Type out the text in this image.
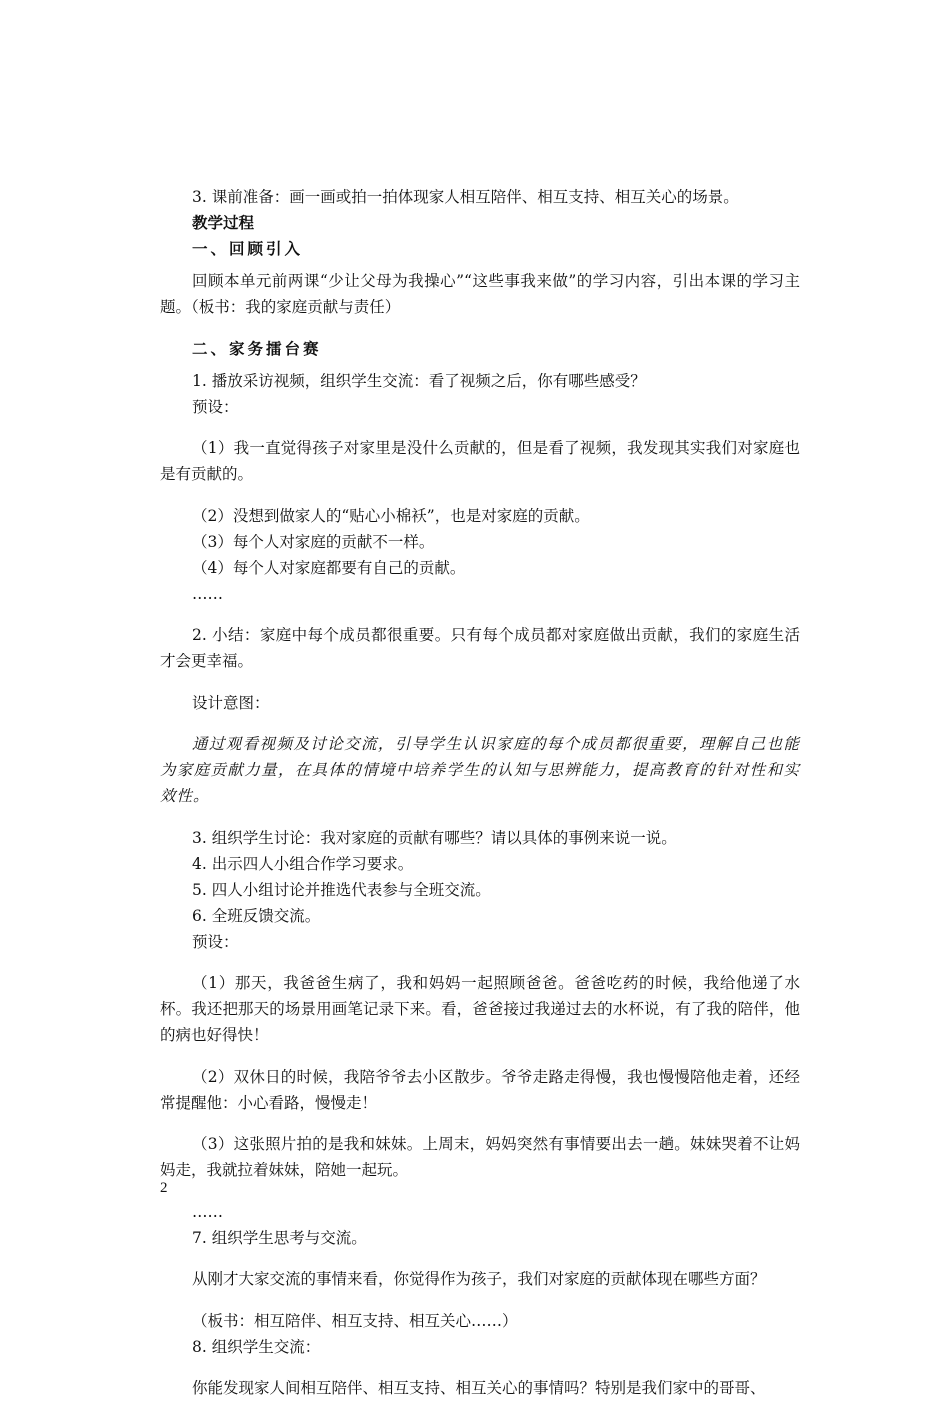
3. 课前准备：画一画或拍一拍体现家人相互陪伴、相互支持、相互关心的场景。

教学过程

一、回顾引入

回顾本单元前两课“少让父母为我操心”“这些事我来做”的学习内容，引出本课的学习主题。（板书：我的家庭贡献与责任）

二、家务擂台赛

1. 播放采访视频，组织学生交流：看了视频之后，你有哪些感受？

预设：

（1）我一直觉得孩子对家里是没什么贡献的，但是看了视频，我发现其实我们对家庭也是有贡献的。

（2）没想到做家人的“贴心小棉袄”，也是对家庭的贡献。

（3）每个人对家庭的贡献不一样。

（4）每个人对家庭都要有自己的贡献。

……

2. 小结：家庭中每个成员都很重要。只有每个成员都对家庭做出贡献，我们的家庭生活才会更幸福。

设计意图：

通过观看视频及讨论交流，引导学生认识家庭的每个成员都很重要，理解自己也能为家庭贡献力量，在具体的情境中培养学生的认知与思辨能力，提高教育的针对性和实效性。

3. 组织学生讨论：我对家庭的贡献有哪些？请以具体的事例来说一说。

4. 出示四人小组合作学习要求。

5. 四人小组讨论并推选代表参与全班交流。

6. 全班反馈交流。

预设：

（1）那天，我爸爸生病了，我和妈妈一起照顾爸爸。爸爸吃药的时候，我给他递了水杯。我还把那天的场景用画笔记录下来。看，爸爸接过我递过去的水杯说，有了我的陪伴，他的病也好得快！

（2）双休日的时候，我陪爷爷去小区散步。爷爷走路走得慢，我也慢慢陪他走着，还经常提醒他：小心看路，慢慢走！

（3）这张照片拍的是我和妹妹。上周末，妈妈突然有事情要出去一趟。妹妹哭着不让妈妈走，我就拉着妹妹，陪她一起玩。

……

7. 组织学生思考与交流。

从刚才大家交流的事情来看，你觉得作为孩子，我们对家庭的贡献体现在哪些方面？

（板书：相互陪伴、相互支持、相互关心……）

8. 组织学生交流：

你能发现家人间相互陪伴、相互支持、相互关心的事情吗？特别是我们家中的哥哥、

2
